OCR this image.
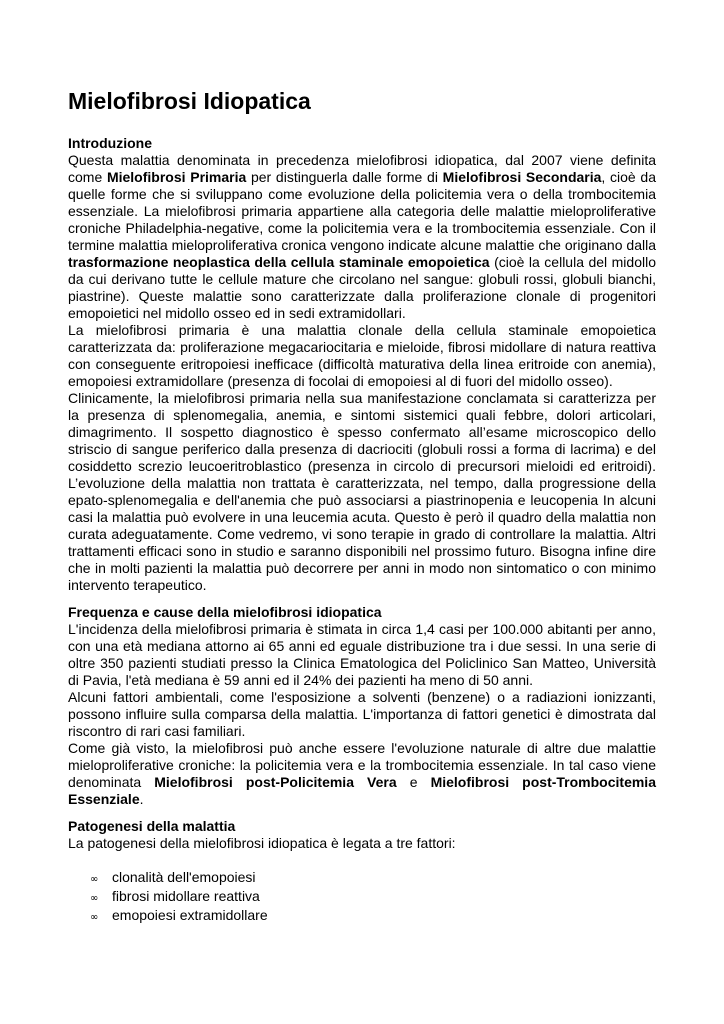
Mielofibrosi Idiopatica
Introduzione

Questa malattia denominata in precedenza mielofibrosi idiopatica, dal 2007 viene definita come Mielofibrosi Primaria per distinguerla dalle forme di Mielofibrosi Secondaria, cioè da quelle forme che si sviluppano come evoluzione della policitemia vera o della trombocitemia essenziale. La mielofibrosi primaria appartiene alla categoria delle malattie mieloproliferative croniche Philadelphia-negative, come la policitemia vera e la trombocitemia essenziale. Con il termine malattia mieloproliferativa cronica vengono indicate alcune malattie che originano dalla trasformazione neoplastica della cellula staminale emopoietica (cioè la cellula del midollo da cui derivano tutte le cellule mature che circolano nel sangue: globuli rossi, globuli bianchi, piastrine). Queste malattie sono caratterizzate dalla proliferazione clonale di progenitori emopoietici nel midollo osseo ed in sedi extramidollari.

La mielofibrosi primaria è una malattia clonale della cellula staminale emopoietica caratterizzata da: proliferazione megacariocitaria e mieloide, fibrosi midollare di natura reattiva con conseguente eritropoiesi inefficace (difficoltà maturativa della linea eritroide con anemia), emopoiesi extramidollare (presenza di focolai di emopoiesi al di fuori del midollo osseo).

Clinicamente, la mielofibrosi primaria nella sua manifestazione conclamata si caratterizza per la presenza di splenomegalia, anemia, e sintomi sistemici quali febbre, dolori articolari, dimagrimento. Il sospetto diagnostico è spesso confermato all’esame microscopico dello striscio di sangue periferico dalla presenza di dacriociti (globuli rossi a forma di lacrima) e del cosiddetto screzio leucoeritroblastico (presenza in circolo di precursori mieloidi ed eritroidi). L’evoluzione della malattia non trattata è caratterizzata, nel tempo, dalla progressione della epato-splenomegalia e dell'anemia che può associarsi a piastrinopenia e leucopenia In alcuni casi la malattia può evolvere in una leucemia acuta. Questo è però il quadro della malattia non curata adeguatamente. Come vedremo, vi sono terapie in grado di controllare la malattia. Altri trattamenti efficaci sono in studio e saranno disponibili nel prossimo futuro. Bisogna infine dire che in molti pazienti la malattia può decorrere per anni in modo non sintomatico o con minimo intervento terapeutico.

Frequenza e cause della mielofibrosi idiopatica

L'incidenza della mielofibrosi primaria è stimata in circa 1,4 casi per 100.000 abitanti per anno, con una età mediana attorno ai 65 anni ed eguale distribuzione tra i due sessi. In una serie di oltre 350 pazienti studiati presso la Clinica Ematologica del Policlinico San Matteo, Università di Pavia, l'età mediana è 59 anni ed il 24% dei pazienti ha meno di 50 anni.

Alcuni fattori ambientali, come l'esposizione a solventi (benzene) o a radiazioni ionizzanti, possono influire sulla comparsa della malattia. L'importanza di fattori genetici è dimostrata dal riscontro di rari casi familiari.

Come già visto, la mielofibrosi può anche essere l'evoluzione naturale di altre due malattie mieloproliferative croniche: la policitemia vera e la trombocitemia essenziale. In tal caso viene denominata Mielofibrosi post-Policitemia Vera e Mielofibrosi post-Trombocitemia Essenziale.

Patogenesi della malattia

La patogenesi della mielofibrosi idiopatica è legata a tre fattori:

∞ clonalità dell'emopoiesi
∞ fibrosi midollare reattiva
∞ emopoiesi extramidollare
